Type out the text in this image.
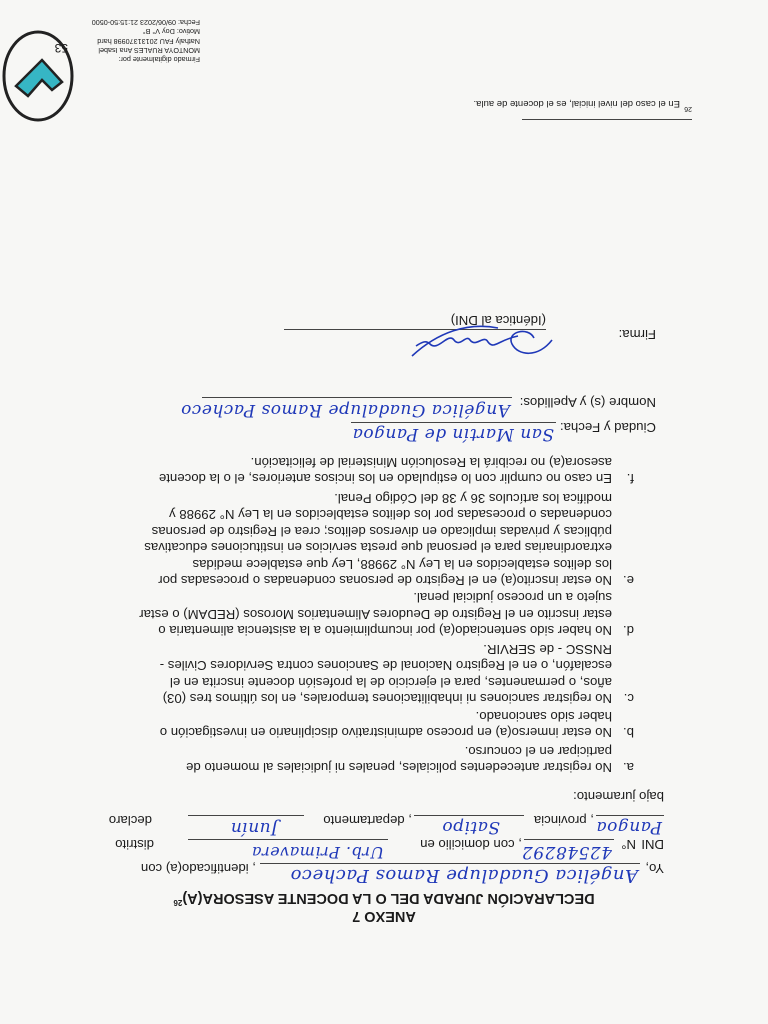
Firmado digitalmente por:
MONTOYA RUALES Ana Isabel
Nathaly FAU 20131370998 hard
Motivo: Doy V° B°
Fecha: 09/06/2023 21:15:50-0500
53
26
En el caso del nivel inicial, es el docente de aula.
Firma:
(Idéntica al DNI)
Nombre (s) y Apellidos:
Angélica Guadalupe Ramos Pacheco
Ciudad y Fecha:
San Martín de Pangoa
f.
En caso no cumplir con lo estipulado en los incisos anteriores, el o la docente
asesora(a) no recibirá la Resolución Ministerial de felicitación.
e.
No estar inscrito(a) en el Registro de personas condenadas o procesadas por
los delitos establecidos en la Ley N° 29988, Ley que establece medidas
extraordinarias para el personal que presta servicios en instituciones educativas
públicas y privadas implicado en diversos delitos; crea el Registro de personas
condenadas o procesadas por los delitos establecidos en la Ley N° 29988 y
modifica los artículos 36 y 38 del Código Penal.
d.
No haber sido sentenciado(a) por incumplimiento a la asistencia alimentaria o
estar inscrito en el Registro de Deudores Alimentarios Morosos (REDAM) o estar
sujeto a un proceso judicial penal.
c.
No registrar sanciones ni inhabilitaciones temporales, en los últimos tres (03)
años, o permanentes, para el ejercicio de la profesión docente inscrita en el
escalafón, o en el Registro Nacional de Sanciones contra Servidores Civiles -
RNSSC - de SERVIR.
b.
No estar inmerso(a) en proceso administrativo disciplinario en investigación o
haber sido sancionado.
a.
No registrar antecedentes policiales, penales ni judiciales al momento de
participar en el concurso.
Yo,
Angélica Guadalupe Ramos Pacheco
, identificado(a) con
DNI
N°
42548292
, con domicilio en
Urb. Primavera
distrito
Pangoa
, provincia
Satipo
, departamento
Junín
declaro
bajo juramento:
ANEXO 7
DECLARACIÓN JURADA DEL O LA DOCENTE $ASESORA(A)^{26}$
